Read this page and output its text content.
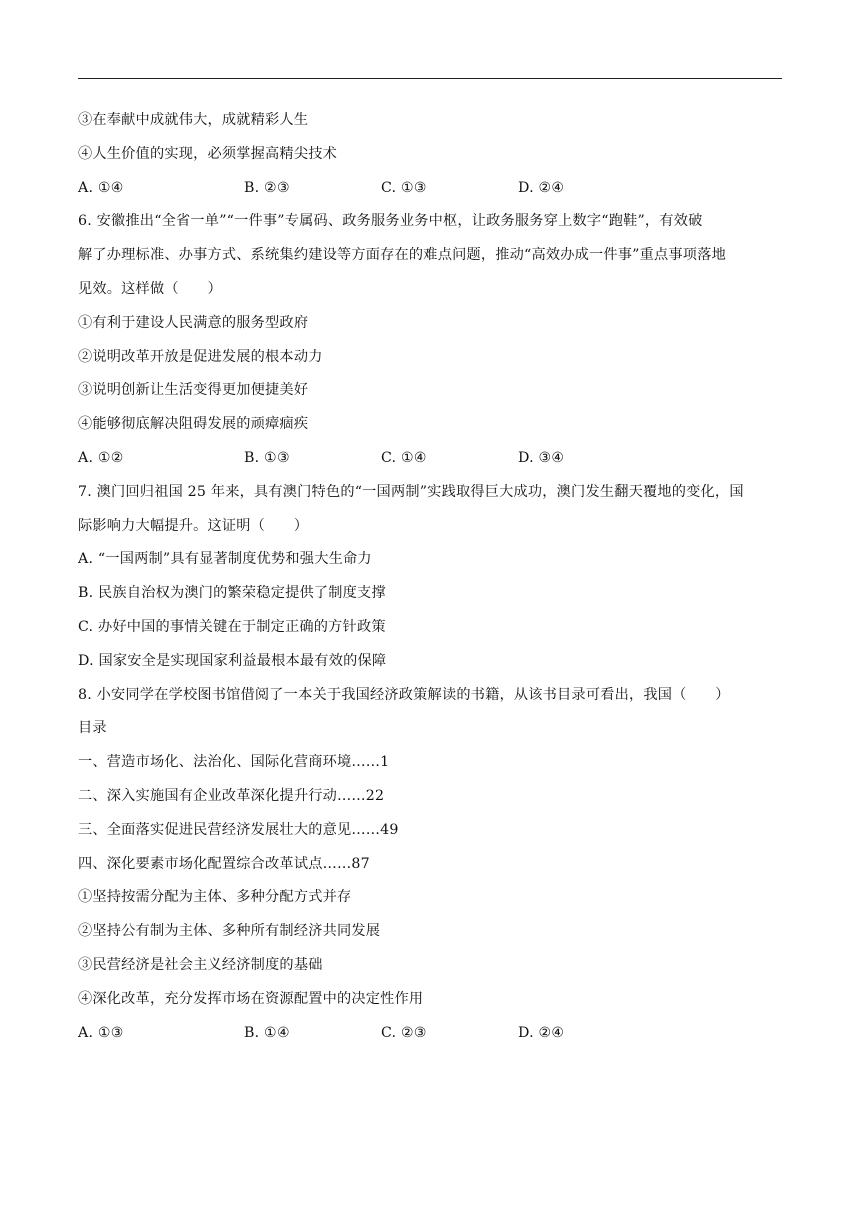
③在奉献中成就伟大，成就精彩人生
④人生价值的实现，必须掌握高精尖技术
A. ①④	B. ②③	C. ①③	D. ②④
6. 安徽推出“全省一单”“一件事”专属码、政务服务业务中枢，让政务服务穿上数字“跑鞋”，有效破
解了办理标准、办事方式、系统集约建设等方面存在的难点问题，推动“高效办成一件事”重点事项落地
见效。这样做（　　）
①有利于建设人民满意的服务型政府
②说明改革开放是促进发展的根本动力
③说明创新让生活变得更加便捷美好
④能够彻底解决阻碍发展的顽瘴痼疾
A. ①②	B. ①③	C. ①④	D. ③④
7. 澳门回归祖国 25 年来，具有澳门特色的“一国两制”实践取得巨大成功，澳门发生翻天覆地的变化，国
际影响力大幅提升。这证明（　　）
A. “一国两制”具有显著制度优势和强大生命力
B. 民族自治权为澳门的繁荣稳定提供了制度支撑
C. 办好中国的事情关键在于制定正确的方针政策
D. 国家安全是实现国家利益最根本最有效的保障
8. 小安同学在学校图书馆借阅了一本关于我国经济政策解读的书籍，从该书目录可看出，我国（　　）
目录
一、营造市场化、法治化、国际化营商环境……1
二、深入实施国有企业改革深化提升行动……22
三、全面落实促进民营经济发展壮大的意见……49
四、深化要素市场化配置综合改革试点……87
①坚持按需分配为主体、多种分配方式并存
②坚持公有制为主体、多种所有制经济共同发展
③民营经济是社会主义经济制度的基础
④深化改革，充分发挥市场在资源配置中的决定性作用
A. ①③	B. ①④	C. ②③	D. ②④
